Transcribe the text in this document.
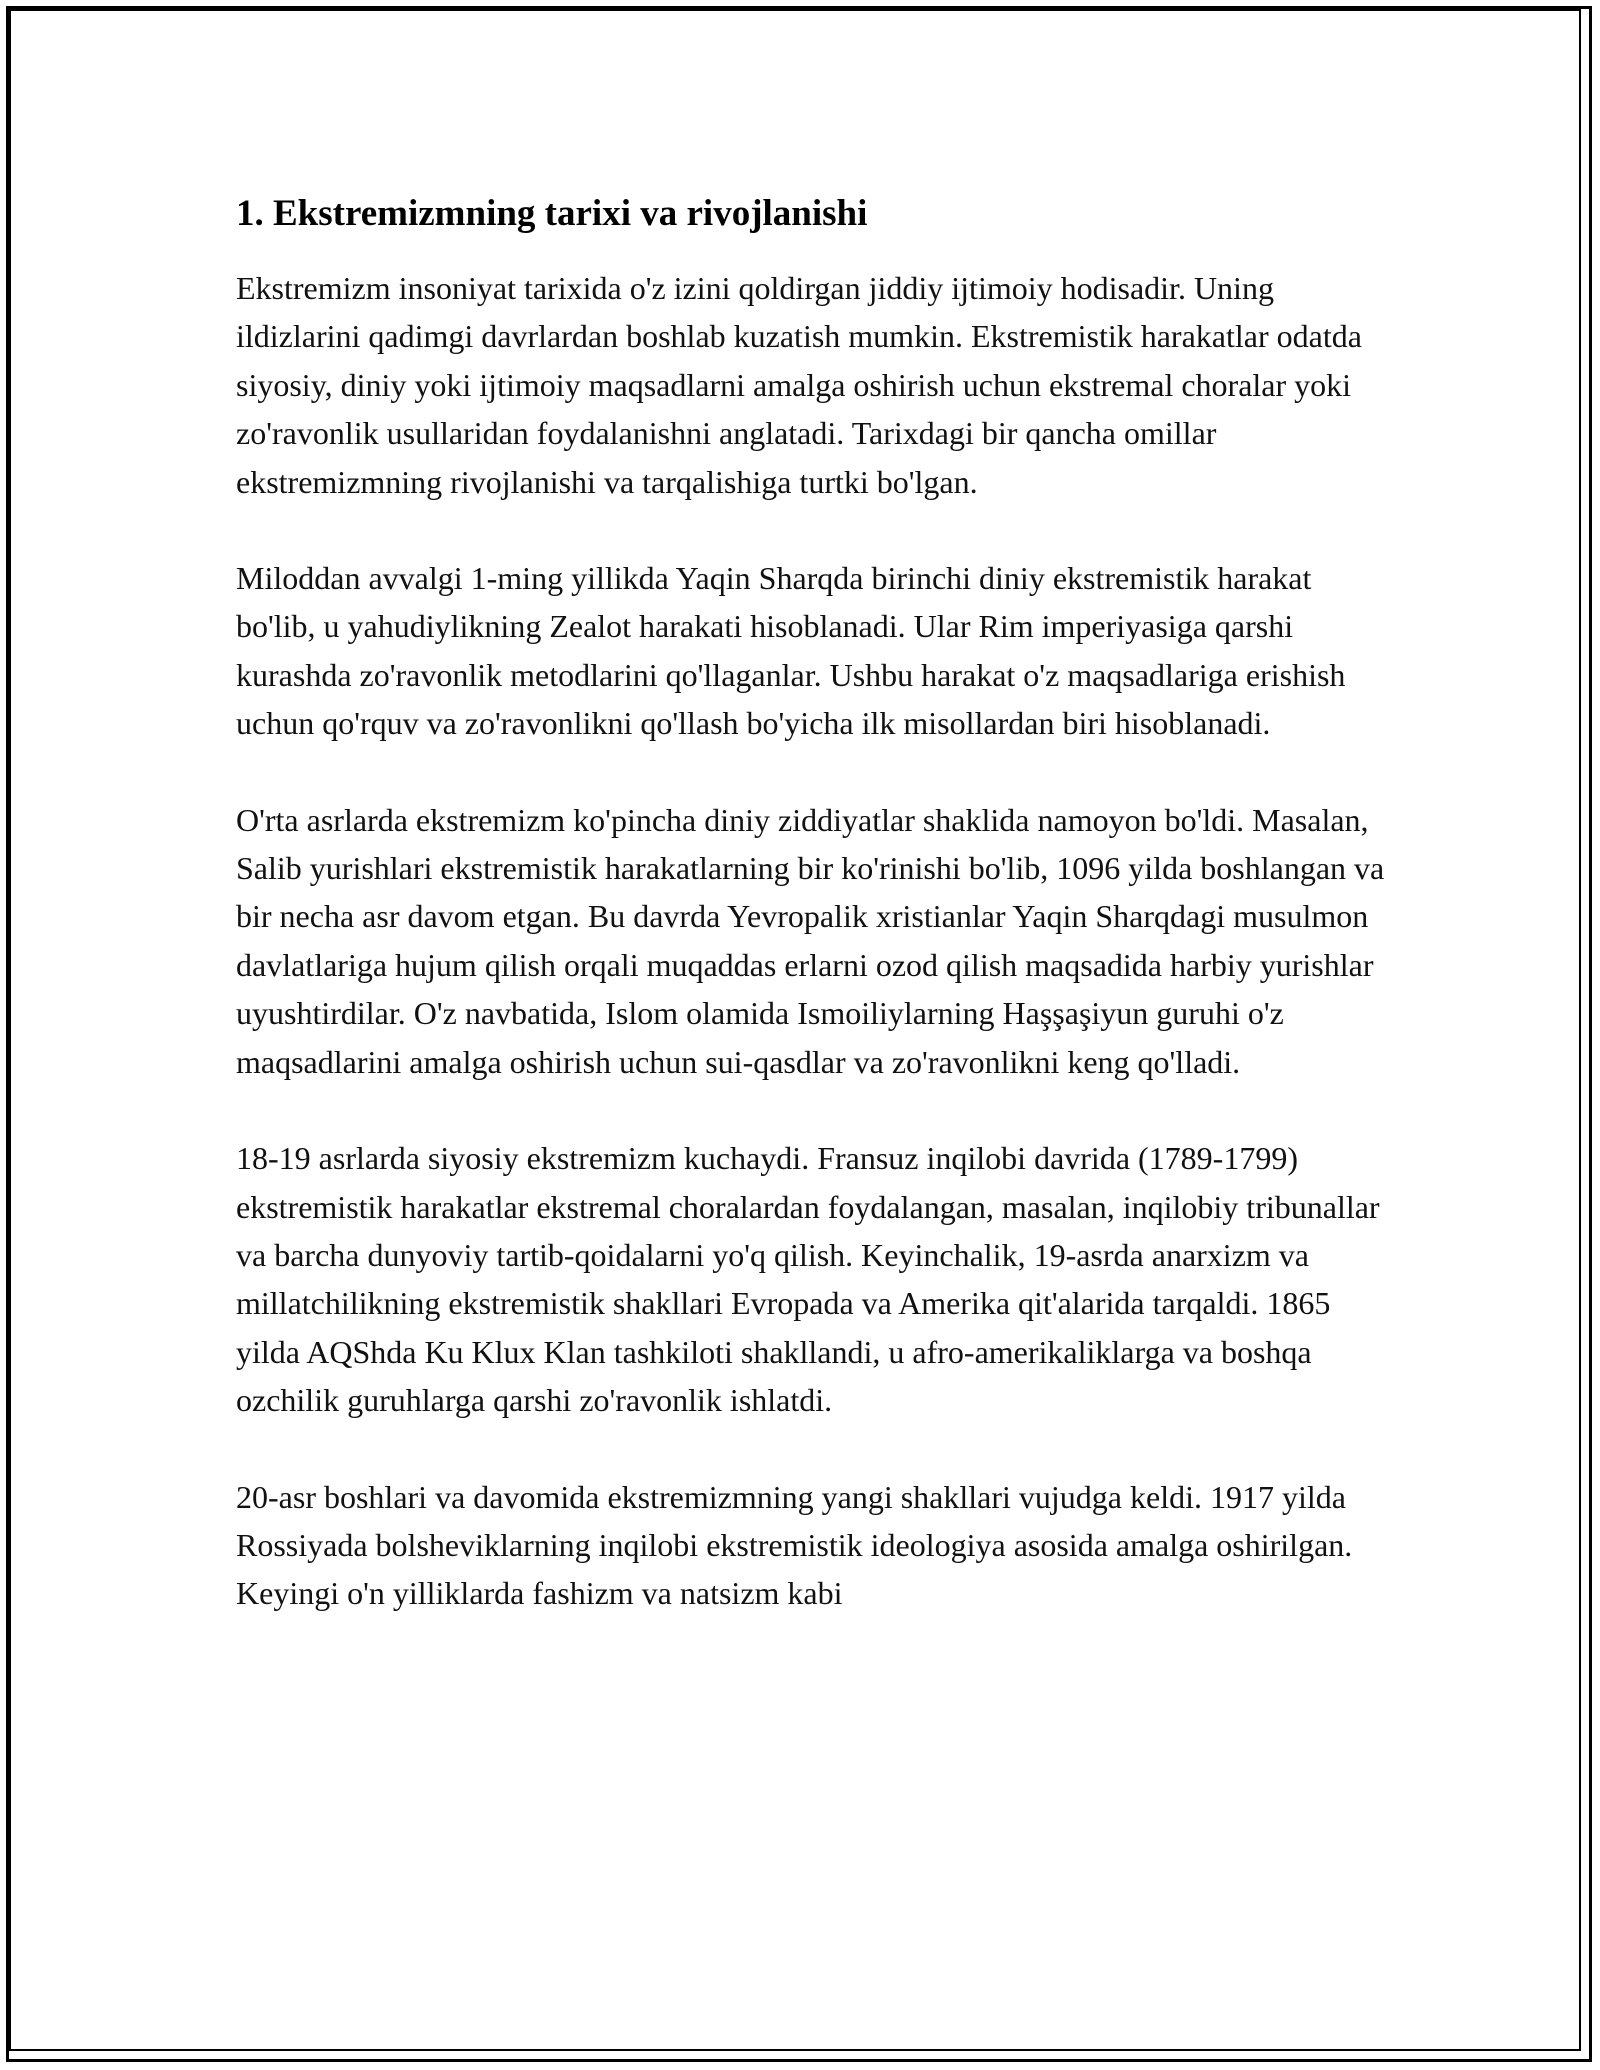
1. Ekstremizmning tarixi va rivojlanishi

Ekstremizm insoniyat tarixida o'z izini qoldirgan jiddiy ijtimoiy hodisadir. Uning ildizlarini qadimgi davrlardan boshlab kuzatish mumkin. Ekstremistik harakatlar odatda siyosiy, diniy yoki ijtimoiy maqsadlarni amalga oshirish uchun ekstremal choralar yoki zo'ravonlik usullaridan foydalanishni anglatadi. Tarixdagi bir qancha omillar ekstremizmning rivojlanishi va tarqalishiga turtki bo'lgan.

Miloddan avvalgi 1-ming yillikda Yaqin Sharqda birinchi diniy ekstremistik harakat bo'lib, u yahudiylikning Zealot harakati hisoblanadi. Ular Rim imperiyasiga qarshi kurashda zo'ravonlik metodlarini qo'llaganlar. Ushbu harakat o'z maqsadlariga erishish uchun qo'rquv va zo'ravonlikni qo'llash bo'yicha ilk misollardan biri hisoblanadi.

O'rta asrlarda ekstremizm ko'pincha diniy ziddiyatlar shaklida namoyon bo'ldi. Masalan, Salib yurishlari ekstremistik harakatlarning bir ko'rinishi bo'lib, 1096 yilda boshlangan va bir necha asr davom etgan. Bu davrda Yevropalik xristianlar Yaqin Sharqdagi musulmon davlatlariga hujum qilish orqali muqaddas erlarni ozod qilish maqsadida harbiy yurishlar uyushtirdilar. O'z navbatida, Islom olamida Ismoiliylarning Haşşaşiyun guruhi o'z maqsadlarini amalga oshirish uchun sui-qasdlar va zo'ravonlikni keng qo'lladi.

18-19 asrlarda siyosiy ekstremizm kuchaydi. Fransuz inqilobi davrida (1789-1799) ekstremistik harakatlar ekstremal choralardan foydalangan, masalan, inqilobiy tribunallar va barcha dunyoviy tartib-qoidalarni yo'q qilish. Keyinchalik, 19-asrda anarxizm va millatchilikning ekstremistik shakllari Evropada va Amerika qit'alarida tarqaldi. 1865 yilda AQShda Ku Klux Klan tashkiloti shakllandi, u afro-amerikaliklarga va boshqa ozchilik guruhlarga qarshi zo'ravonlik ishlatdi.

20-asr boshlari va davomida ekstremizmning yangi shakllari vujudga keldi. 1917 yilda Rossiyada bolsheviklarning inqilobi ekstremistik ideologiya asosida amalga oshirilgan. Keyingi o'n yilliklarda fashizm va natsizm kabi
